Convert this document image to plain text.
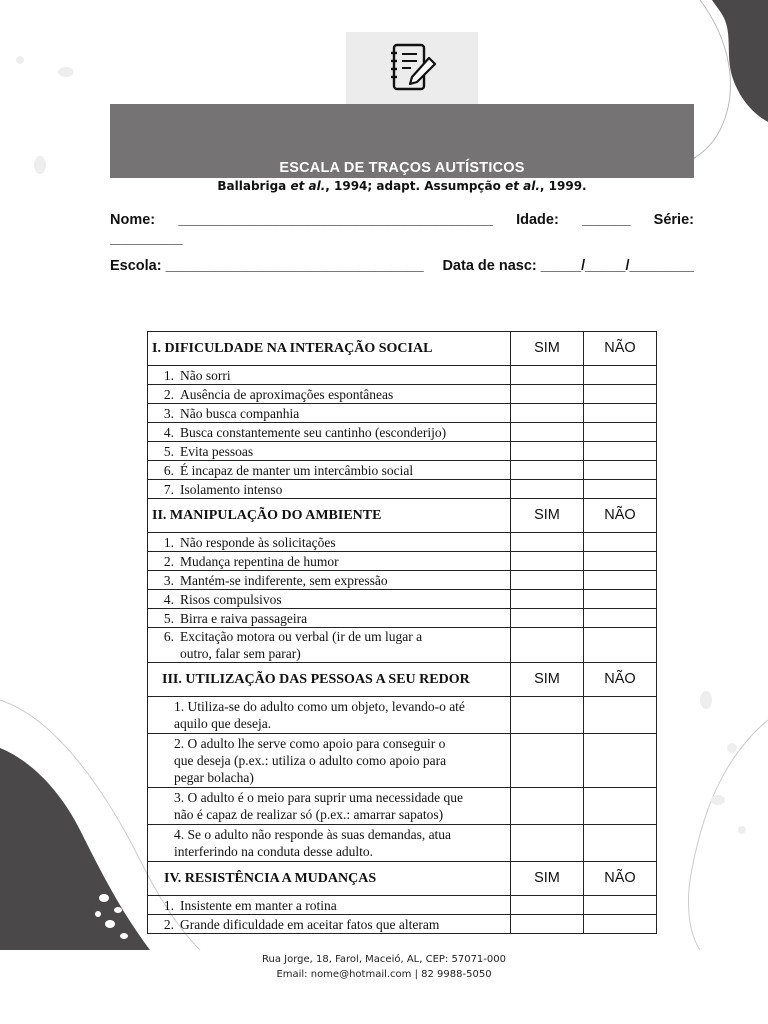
ESCALA DE TRAÇOS AUTÍSTICOS
Ballabriga et al., 1994; adapt. Assumpção et al., 1999.
Nome: _______________________________________ Idade: ______ Série:
_________
Escola: ________________________________ Data de nasc: _____/_____/________
I. DIFICULDADE NA INTERAÇÃO SOCIAL	SIM	NÃO
1. Não sorri		
2. Ausência de aproximações espontâneas		
3. Não busca companhia		
4. Busca constantemente seu cantinho (esconderijo)		
5. Evita pessoas		
6. É incapaz de manter um intercâmbio social		
7. Isolamento intenso		
II. MANIPULAÇÃO DO AMBIENTE	SIM	NÃO
1. Não responde às solicitações		
2. Mudança repentina de humor		
3. Mantém-se indiferente, sem expressão		
4. Risos compulsivos		
5. Birra e raiva passageira		
6. Excitação motora ou verbal (ir de um lugar a
outro, falar sem parar)		
III. UTILIZAÇÃO DAS PESSOAS A SEU REDOR	SIM	NÃO
1. Utiliza-se do adulto como um objeto, levando-o até
aquilo que deseja.		
2. O adulto lhe serve como apoio para conseguir o
que deseja (p.ex.: utiliza o adulto como apoio para
pegar bolacha)		
3. O adulto é o meio para suprir uma necessidade que
não é capaz de realizar só (p.ex.: amarrar sapatos)		
4. Se o adulto não responde às suas demandas, atua
interferindo na conduta desse adulto.		
IV. RESISTÊNCIA A MUDANÇAS	SIM	NÃO
1. Insistente em manter a rotina		
2. Grande dificuldade em aceitar fatos que alteram		
Rua Jorge, 18, Farol, Maceió, AL, CEP: 57071-000
Email: nome@hotmail.com | 82 9988-5050
